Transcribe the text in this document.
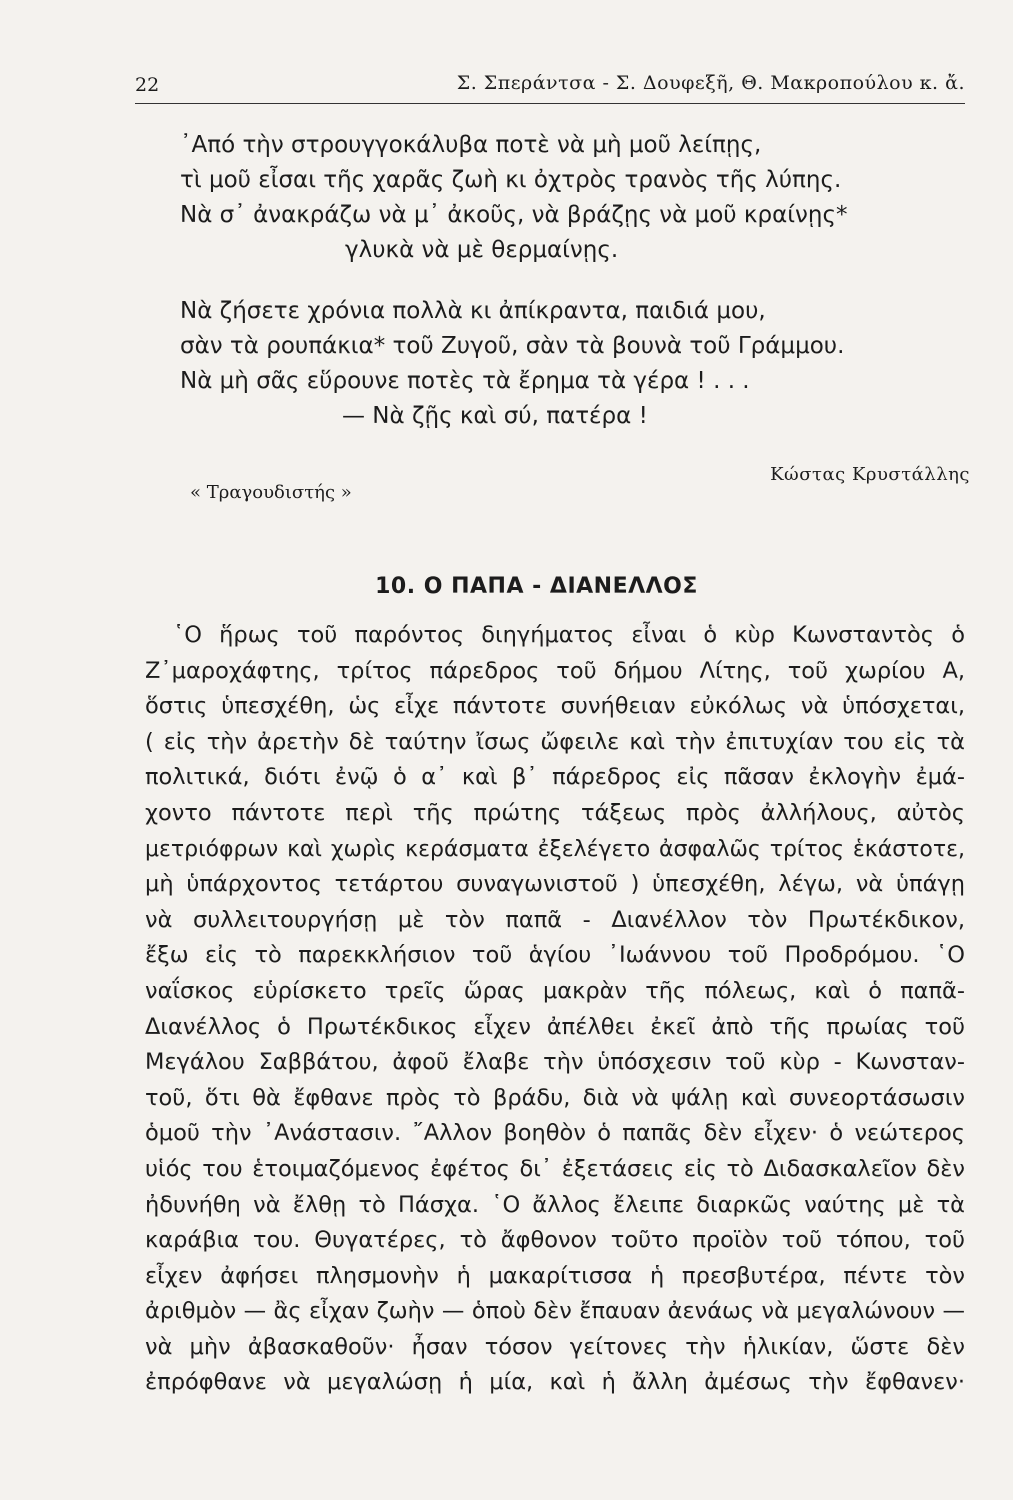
22	Σ. Σπεράντσα - Σ. Δουφεξῆ, Θ. Μακροπούλου κ. ἄ.
᾿Από τὴν στρουγγοκάλυβα ποτὲ νὰ μὴ μοῦ λείπῃς,
τὶ μοῦ εἶσαι τῆς χαρᾶς ζωὴ κι ὀχτρὸς τρανὸς τῆς λύπης.
Νὰ σ᾿ ἀνακράζω νὰ μ᾿ ἀκοῦς, νὰ βράζῃς νὰ μοῦ κραίνῃς*
γλυκὰ νὰ μὲ θερμαίνῃς.
Νὰ ζήσετε χρόνια πολλὰ κι ἀπίκραντα, παιδιά μου,
σὰν τὰ ρουπάκια* τοῦ Ζυγοῦ, σὰν τὰ βουνὰ τοῦ Γράμμου.
Νὰ μὴ σᾶς εὕρουνε ποτὲς τὰ ἔρημα τὰ γέρα ! . . .
— Νὰ ζῇς καὶ σύ, πατέρα !
« Τραγουδιστής »
Κώστας Κρυστάλλης
10. Ο ΠΑΠΑ - ΔΙΑΝΕΛΛΟΣ
῾Ο ἥρως τοῦ παρόντος διηγήματος εἶναι ὁ κὺρ Κωνσταντὸς ὁ
Ζ᾿μαροχάφτης, τρίτος πάρεδρος τοῦ δήμου Λίτης, τοῦ χωρίου Α,
ὅστις ὑπεσχέθη, ὡς εἶχε πάντοτε συνήθειαν εὐκόλως νὰ ὑπόσχεται,
( εἰς τὴν ἀρετὴν δὲ ταύτην ἴσως ὤφειλε καὶ τὴν ἐπιτυχίαν του εἰς τὰ
πολιτικά, διότι ἐνῷ ὁ α᾿ καὶ β᾿ πάρεδρος εἰς πᾶσαν ἐκλογὴν ἐμά-
χοντο πάντοτε περὶ τῆς πρώτης τάξεως πρὸς ἀλλήλους, αὐτὸς
μετριόφρων καὶ χωρὶς κεράσματα ἐξελέγετο ἀσφαλῶς τρίτος ἑκάστοτε,
μὴ ὑπάρχοντος τετάρτου συναγωνιστοῦ ) ὑπεσχέθη, λέγω, νὰ ὑπάγῃ
νὰ συλλειτουργήσῃ μὲ τὸν παπᾶ - Διανέλλον τὸν Πρωτέκδικον,
ἔξω εἰς τὸ παρεκκλήσιον τοῦ ἁγίου ᾿Ιωάννου τοῦ Προδρόμου. ῾Ο
ναΐσκος εὑρίσκετο τρεῖς ὥρας μακρὰν τῆς πόλεως, καὶ ὁ παπᾶ-
Διανέλλος ὁ Πρωτέκδικος εἶχεν ἀπέλθει ἐκεῖ ἀπὸ τῆς πρωίας τοῦ
Μεγάλου Σαββάτου, ἀφοῦ ἔλαβε τὴν ὑπόσχεσιν τοῦ κὺρ - Κωνσταν-
τοῦ, ὅτι θὰ ἔφθανε πρὸς τὸ βράδυ, διὰ νὰ ψάλῃ καὶ συνεορτάσωσιν
ὁμοῦ τὴν ᾿Ανάστασιν. ῎Αλλον βοηθὸν ὁ παπᾶς δὲν εἶχεν· ὁ νεώτερος
υἱός του ἑτοιμαζόμενος ἐφέτος δι᾿ ἐξετάσεις εἰς τὸ Διδασκαλεῖον δὲν
ἠδυνήθη νὰ ἔλθῃ τὸ Πάσχα. ῾Ο ἄλλος ἔλειπε διαρκῶς ναύτης μὲ τὰ
καράβια του. Θυγατέρες, τὸ ἄφθονον τοῦτο προϊὸν τοῦ τόπου, τοῦ
εἶχεν ἀφήσει πλησμονὴν ἡ μακαρίτισσα ἡ πρεσβυτέρα, πέντε τὸν
ἀριθμὸν — ἂς εἶχαν ζωὴν — ὁποὺ δὲν ἔπαυαν ἀενάως νὰ μεγαλώνουν —
νὰ μὴν ἀβασκαθοῦν· ἦσαν τόσον γείτονες τὴν ἡλικίαν, ὥστε δὲν
ἐπρόφθανε νὰ μεγαλώσῃ ἡ μία, καὶ ἡ ἄλλη ἀμέσως τὴν ἔφθανεν·
